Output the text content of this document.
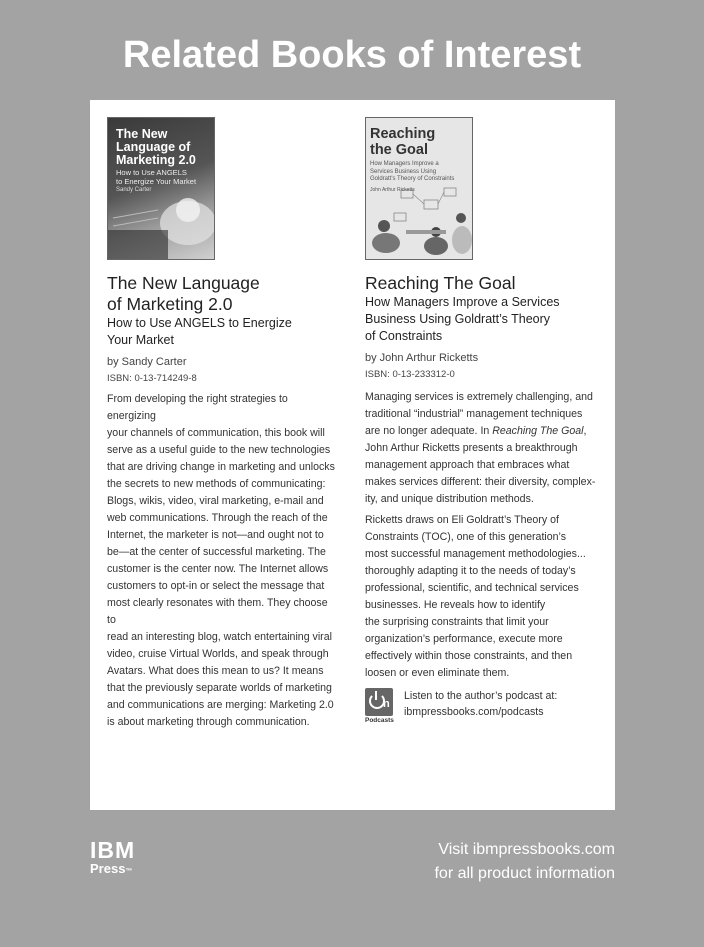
Related Books of Interest
The New
Language of
Marketing 2.0
How to Use ANGELS
to Energize Your Market
Sandy Carter
The New Language
of Marketing 2.0
How to Use ANGELS to Energize
Your Market
by Sandy Carter
ISBN: 0-13-714249-8
From developing the right strategies to energizing
your channels of communication, this book will
serve as a useful guide to the new technologies
that are driving change in marketing and unlocks
the secrets to new methods of communicating:
Blogs, wikis, video, viral marketing, e-mail and
web communications. Through the reach of the
Internet, the marketer is not—and ought not to
be—at the center of successful marketing. The
customer is the center now. The Internet allows
customers to opt-in or select the message that
most clearly resonates with them. They choose to
read an interesting blog, watch entertaining viral
video, cruise Virtual Worlds, and speak through
Avatars. What does this mean to us? It means
that the previously separate worlds of marketing
and communications are merging: Marketing 2.0
is about marketing through communication.
Reaching
the Goal
How Managers Improve a
Services Business Using
Goldratt's Theory of Constraints
John Arthur Ricketts
Reaching The Goal
How Managers Improve a Services
Business Using Goldratt’s Theory
of Constraints
by John Arthur Ricketts
ISBN: 0-13-233312-0
Managing services is extremely challenging, and
traditional “industrial” management techniques
are no longer adequate. In Reaching The Goal,
John Arthur Ricketts presents a breakthrough
management approach that embraces what
makes services different: their diversity, complex-
ity, and unique distribution methods.
Ricketts draws on Eli Goldratt’s Theory of
Constraints (TOC), one of this generation’s
most successful management methodologies...
thoroughly adapting it to the needs of today’s
professional, scientific, and technical services
businesses. He reveals how to identify
the surprising constraints that limit your
organization’s performance, execute more
effectively within those constraints, and then
loosen or even eliminate them.
n
Podcasts
Listen to the author’s podcast at:
ibmpressbooks.com/podcasts
IBM
Press™
Visit ibmpressbooks.com
for all product information
